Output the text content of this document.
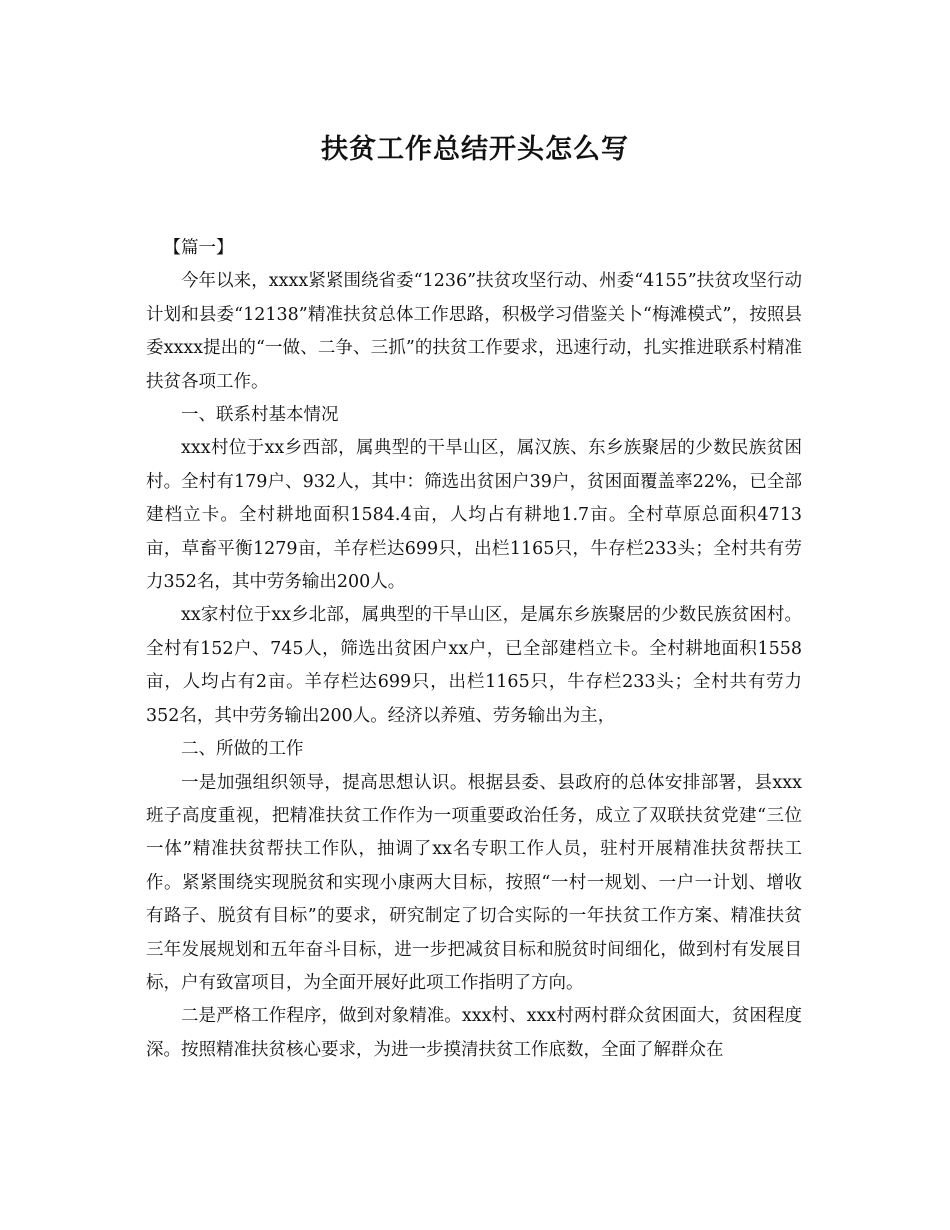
扶贫工作总结开头怎么写

【篇一】

今年以来，xxxx紧紧围绕省委“1236”扶贫攻坚行动、州委“4155”扶贫攻坚行动计划和县委“12138”精准扶贫总体工作思路，积极学习借鉴关卜“梅滩模式”，按照县委xxxx提出的“一做、二争、三抓”的扶贫工作要求，迅速行动，扎实推进联系村精准扶贫各项工作。

一、联系村基本情况

xxx村位于xx乡西部，属典型的干旱山区，属汉族、东乡族聚居的少数民族贫困村。全村有179户、932人，其中：筛选出贫困户39户，贫困面覆盖率22%，已全部建档立卡。全村耕地面积1584.4亩，人均占有耕地1.7亩。全村草原总面积4713亩，草畜平衡1279亩，羊存栏达699只，出栏1165只，牛存栏233头；全村共有劳力352名，其中劳务输出200人。

xx家村位于xx乡北部，属典型的干旱山区，是属东乡族聚居的少数民族贫困村。全村有152户、745人，筛选出贫困户xx户，已全部建档立卡。全村耕地面积1558亩，人均占有2亩。羊存栏达699只，出栏1165只，牛存栏233头；全村共有劳力352名，其中劳务输出200人。经济以养殖、劳务输出为主，

二、所做的工作

一是加强组织领导，提高思想认识。根据县委、县政府的总体安排部署，县xxx班子高度重视，把精准扶贫工作作为一项重要政治任务，成立了双联扶贫党建“三位一体”精准扶贫帮扶工作队，抽调了xx名专职工作人员，驻村开展精准扶贫帮扶工作。紧紧围绕实现脱贫和实现小康两大目标，按照“一村一规划、一户一计划、增收有路子、脱贫有目标”的要求，研究制定了切合实际的一年扶贫工作方案、精准扶贫三年发展规划和五年奋斗目标，进一步把减贫目标和脱贫时间细化，做到村有发展目标，户有致富项目，为全面开展好此项工作指明了方向。

二是严格工作程序，做到对象精准。xxx村、xxx村两村群众贫困面大，贫困程度深。按照精准扶贫核心要求，为进一步摸清扶贫工作底数，全面了解群众在
